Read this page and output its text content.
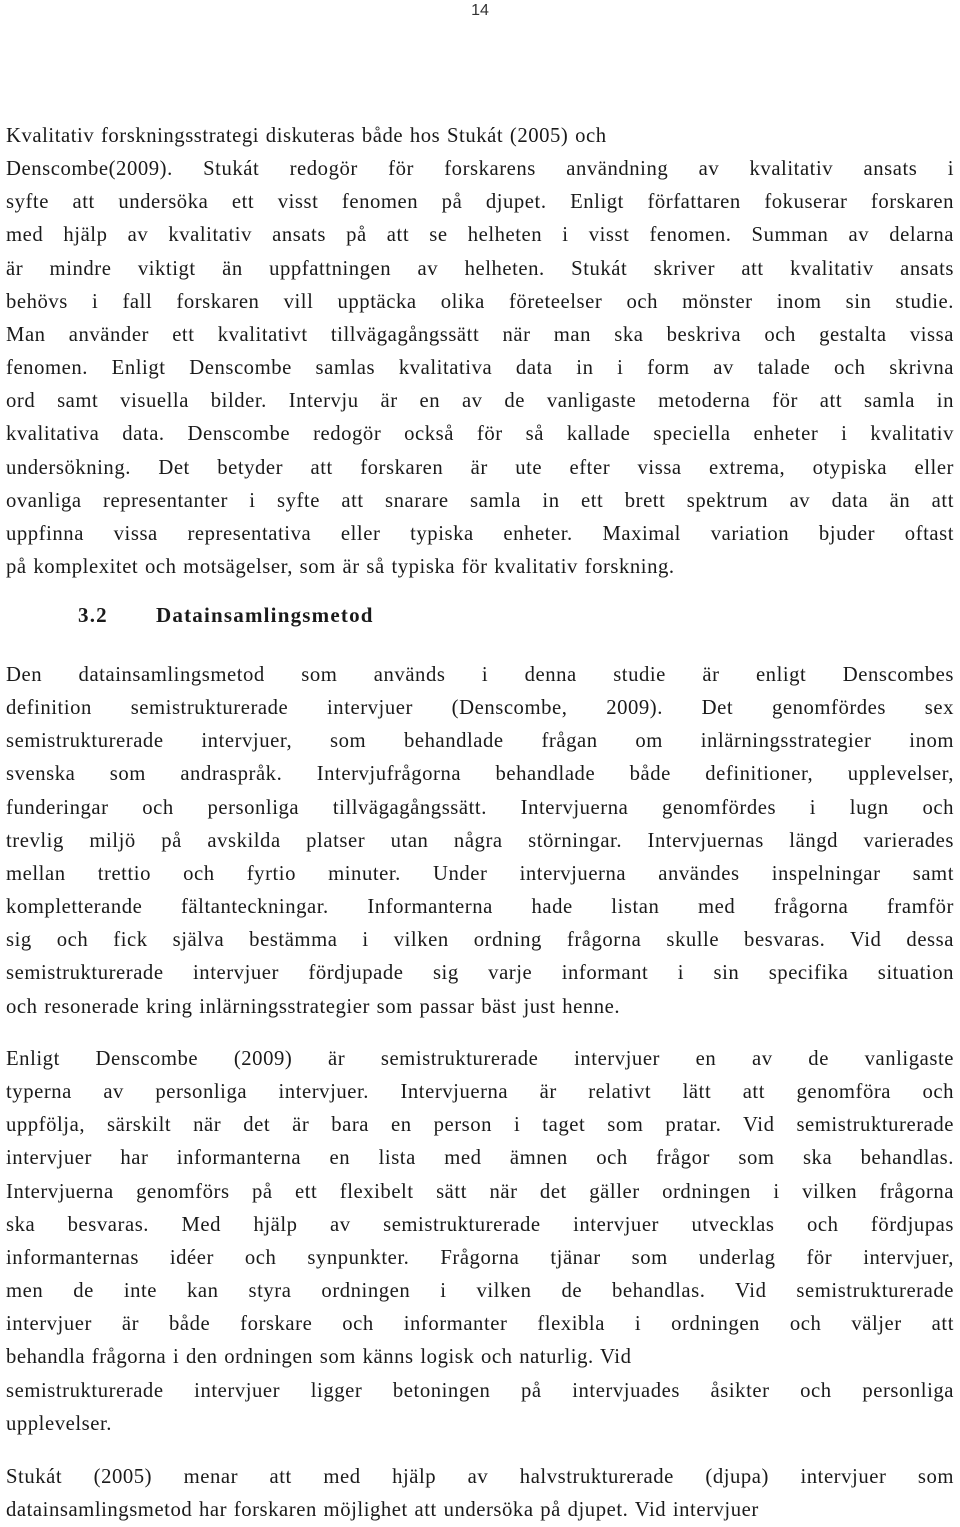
14
Kvalitativ forskningsstrategi diskuteras både hos Stukát (2005) och
Denscombe(2009). Stukát redogör för forskarens användning av kvalitativ ansats i
syfte att undersöka ett visst fenomen på djupet. Enligt författaren fokuserar forskaren
med hjälp av kvalitativ ansats på att se helheten i visst fenomen. Summan av delarna
är mindre viktigt än uppfattningen av helheten. Stukát skriver att kvalitativ ansats
behövs i fall forskaren vill upptäcka olika företeelser och mönster inom sin studie.
Man använder ett kvalitativt tillvägagångssätt när man ska beskriva och gestalta vissa
fenomen. Enligt Denscombe samlas kvalitativa data in i form av talade och skrivna
ord samt visuella bilder. Intervju är en av de vanligaste metoderna för att samla in
kvalitativa data. Denscombe redogör också för så kallade speciella enheter i kvalitativ
undersökning. Det betyder att forskaren är ute efter vissa extrema, otypiska eller
ovanliga representanter i syfte att snarare samla in ett brett spektrum av data än att
uppfinna vissa representativa eller typiska enheter. Maximal variation bjuder oftast
på komplexitet och motsägelser, som är så typiska för kvalitativ forskning.
3.2 Datainsamlingsmetod
Den datainsamlingsmetod som används i denna studie är enligt Denscombes
definition semistrukturerade intervjuer (Denscombe, 2009). Det genomfördes sex
semistrukturerade intervjuer, som behandlade frågan om inlärningsstrategier inom
svenska som andraspråk. Intervjufrågorna behandlade både definitioner, upplevelser,
funderingar och personliga tillvägagångssätt. Intervjuerna genomfördes i lugn och
trevlig miljö på avskilda platser utan några störningar. Intervjuernas längd varierades
mellan trettio och fyrtio minuter. Under intervjuerna användes inspelningar samt
kompletterande fältanteckningar. Informanterna hade listan med frågorna framför
sig och fick själva bestämma i vilken ordning frågorna skulle besvaras. Vid dessa
semistrukturerade intervjuer fördjupade sig varje informant i sin specifika situation
och resonerade kring inlärningsstrategier som passar bäst just henne.
Enligt Denscombe (2009) är semistrukturerade intervjuer en av de vanligaste
typerna av personliga intervjuer. Intervjuerna är relativt lätt att genomföra och
uppfölja, särskilt när det är bara en person i taget som pratar. Vid semistrukturerade
intervjuer har informanterna en lista med ämnen och frågor som ska behandlas.
Intervjuerna genomförs på ett flexibelt sätt när det gäller ordningen i vilken frågorna
ska besvaras. Med hjälp av semistrukturerade intervjuer utvecklas och fördjupas
informanternas idéer och synpunkter. Frågorna tjänar som underlag för intervjuer,
men de inte kan styra ordningen i vilken de behandlas. Vid semistrukturerade
intervjuer är både forskare och informanter flexibla i ordningen och väljer att
behandla frågorna i den ordningen som känns logisk och naturlig. Vid
semistrukturerade intervjuer ligger betoningen på intervjuades åsikter och personliga
upplevelser.
Stukát (2005) menar att med hjälp av halvstrukturerade (djupa) intervjuer som
datainsamlingsmetod har forskaren möjlighet att undersöka på djupet. Vid intervjuer
